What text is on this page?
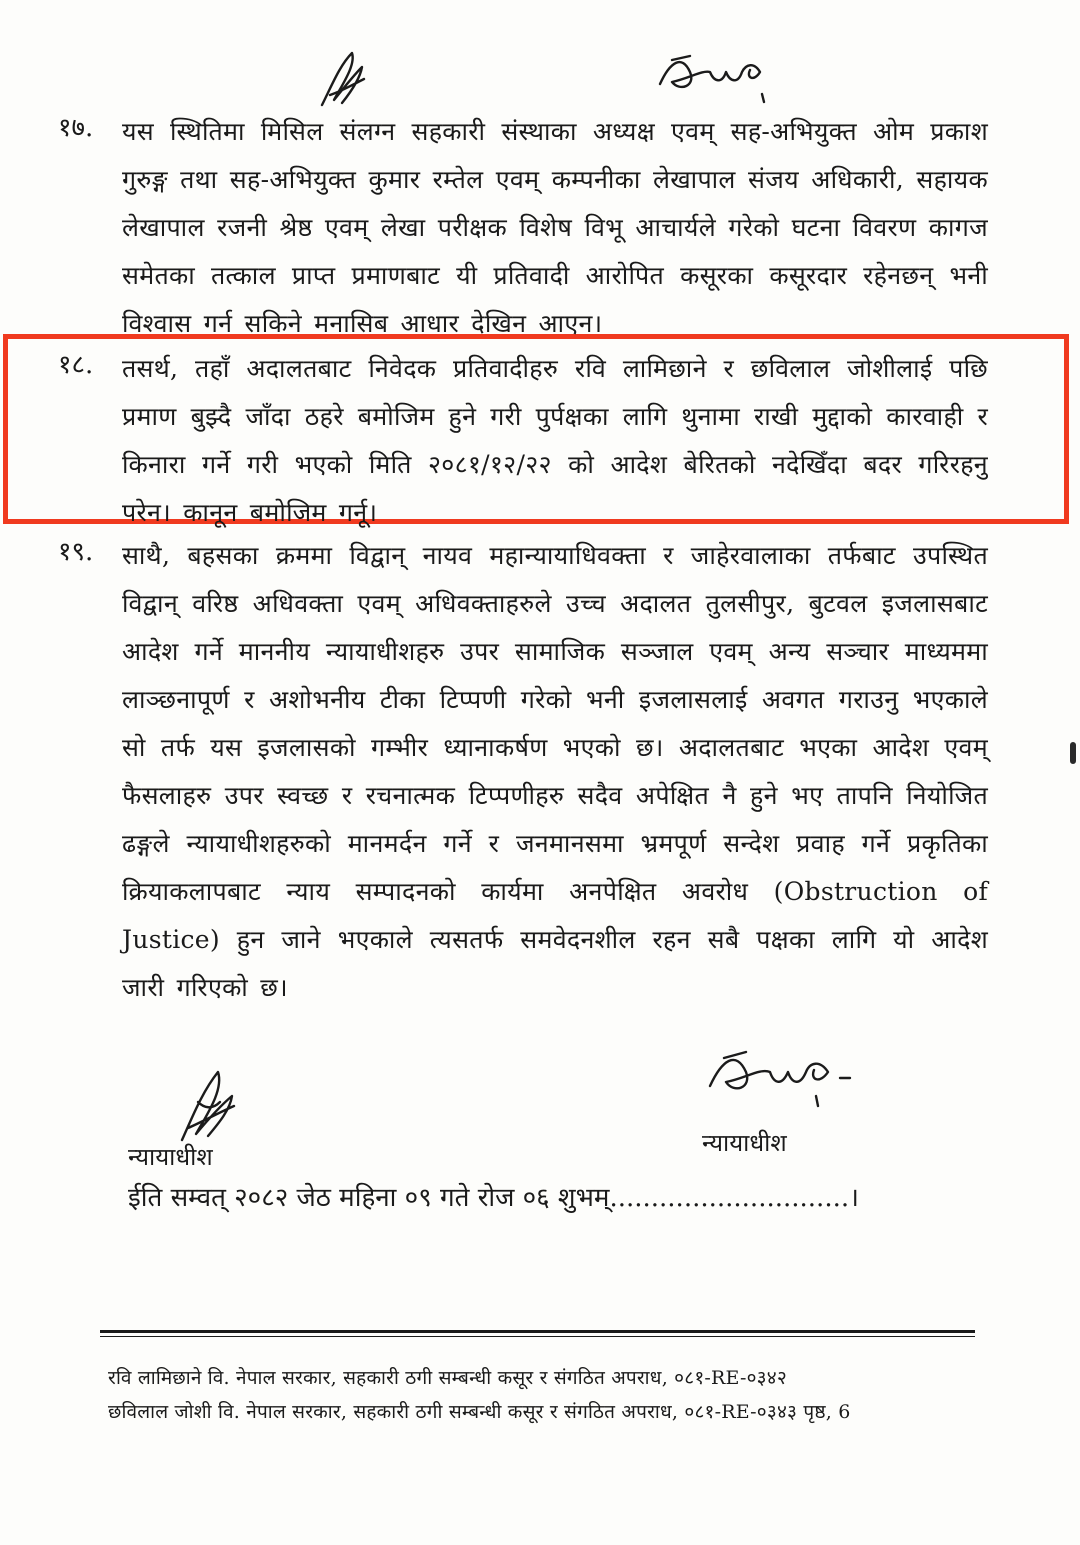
१७. यस स्थितिमा मिसिल संलग्न सहकारी संस्थाका अध्यक्ष एवम् सह-अभियुक्त ओम प्रकाश गुरुङ्ग तथा सह-अभियुक्त कुमार रम्तेल एवम् कम्पनीका लेखापाल संजय अधिकारी, सहायक लेखापाल रजनी श्रेष्ठ एवम् लेखा परीक्षक विशेष विभू आचार्यले गरेको घटना विवरण कागज समेतका तत्काल प्राप्त प्रमाणबाट यी प्रतिवादी आरोपित कसूरका कसूरदार रहेनछन् भनी विश्वास गर्न सकिने मनासिब आधार देखिन आएन।
१८. तसर्थ, तहाँ अदालतबाट निवेदक प्रतिवादीहरु रवि लामिछाने र छविलाल जोशीलाई पछि प्रमाण बुझ्दै जाँदा ठहरे बमोजिम हुने गरी पुर्पक्षका लागि थुनामा राखी मुद्दाको कारवाही र किनारा गर्ने गरी भएको मिति २०८१/१२/२२ को आदेश बेरितको नदेखिँदा बदर गरिरहनु परेन। कानून बमोजिम गर्नू।
१९. साथै, बहसका क्रममा विद्वान् नायव महान्यायाधिवक्ता र जाहेरवालाका तर्फबाट उपस्थित विद्वान् वरिष्ठ अधिवक्ता एवम् अधिवक्ताहरुले उच्च अदालत तुलसीपुर, बुटवल इजलासबाट आदेश गर्ने माननीय न्यायाधीशहरु उपर सामाजिक सञ्जाल एवम् अन्य सञ्चार माध्यममा लाञ्छनापूर्ण र अशोभनीय टीका टिप्पणी गरेको भनी इजलासलाई अवगत गराउनु भएकाले सो तर्फ यस इजलासको गम्भीर ध्यानाकर्षण भएको छ। अदालतबाट भएका आदेश एवम् फैसलाहरु उपर स्वच्छ र रचनात्मक टिप्पणीहरु सदैव अपेक्षित नै हुने भए तापनि नियोजित ढङ्गले न्यायाधीशहरुको मानमर्दन गर्ने र जनमानसमा भ्रमपूर्ण सन्देश प्रवाह गर्ने प्रकृतिका क्रियाकलापबाट न्याय सम्पादनको कार्यमा अनपेक्षित अवरोध (Obstruction of Justice) हुन जाने भएकाले त्यसतर्फ समवेदनशील रहन सबै पक्षका लागि यो आदेश जारी गरिएको छ।
न्यायाधीश	न्यायाधीश
ईति सम्वत् २०८२ जेठ महिना ०९ गते रोज ०६ शुभम्.............................।
रवि लामिछाने वि. नेपाल सरकार, सहकारी ठगी सम्बन्धी कसूर र संगठित अपराध, ०८१-RE-०३४२
छविलाल जोशी वि. नेपाल सरकार, सहकारी ठगी सम्बन्धी कसूर र संगठित अपराध, ०८१-RE-०३४३ पृष्ठ, 6
